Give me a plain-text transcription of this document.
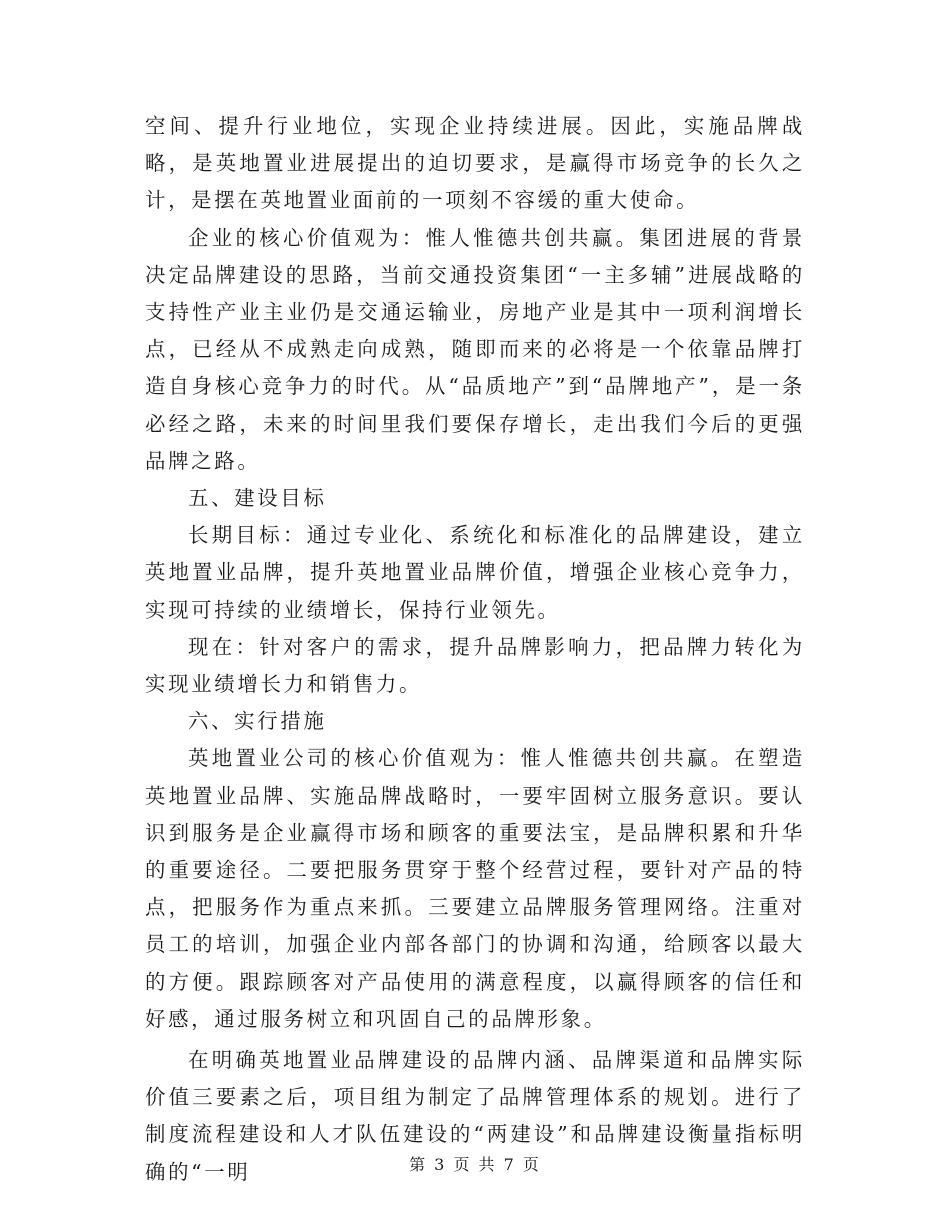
空间、提升行业地位，实现企业持续进展。因此，实施品牌战略，是英地置业进展提出的迫切要求，是赢得市场竞争的长久之计，是摆在英地置业面前的一项刻不容缓的重大使命。

企业的核心价值观为：惟人惟德共创共赢。集团进展的背景决定品牌建设的思路，当前交通投资集团“一主多辅”进展战略的支持性产业主业仍是交通运输业，房地产业是其中一项利润增长点，已经从不成熟走向成熟，随即而来的必将是一个依靠品牌打造自身核心竞争力的时代。从“品质地产”到“品牌地产”，是一条必经之路，未来的时间里我们要保存增长，走出我们今后的更强品牌之路。

五、建设目标

长期目标：通过专业化、系统化和标准化的品牌建设，建立英地置业品牌，提升英地置业品牌价值，增强企业核心竞争力，实现可持续的业绩增长，保持行业领先。

现在：针对客户的需求，提升品牌影响力，把品牌力转化为实现业绩增长力和销售力。

六、实行措施

英地置业公司的核心价值观为：惟人惟德共创共赢。在塑造英地置业品牌、实施品牌战略时，一要牢固树立服务意识。要认识到服务是企业赢得市场和顾客的重要法宝，是品牌积累和升华的重要途径。二要把服务贯穿于整个经营过程，要针对产品的特点，把服务作为重点来抓。三要建立品牌服务管理网络。注重对员工的培训，加强企业内部各部门的协调和沟通，给顾客以最大的方便。跟踪顾客对产品使用的满意程度，以赢得顾客的信任和好感，通过服务树立和巩固自己的品牌形象。

在明确英地置业品牌建设的品牌内涵、品牌渠道和品牌实际价值三要素之后，项目组为制定了品牌管理体系的规划。进行了制度流程建设和人才队伍建设的“两建设”和品牌建设衡量指标明确的“一明	第 3 页 共 7 页
